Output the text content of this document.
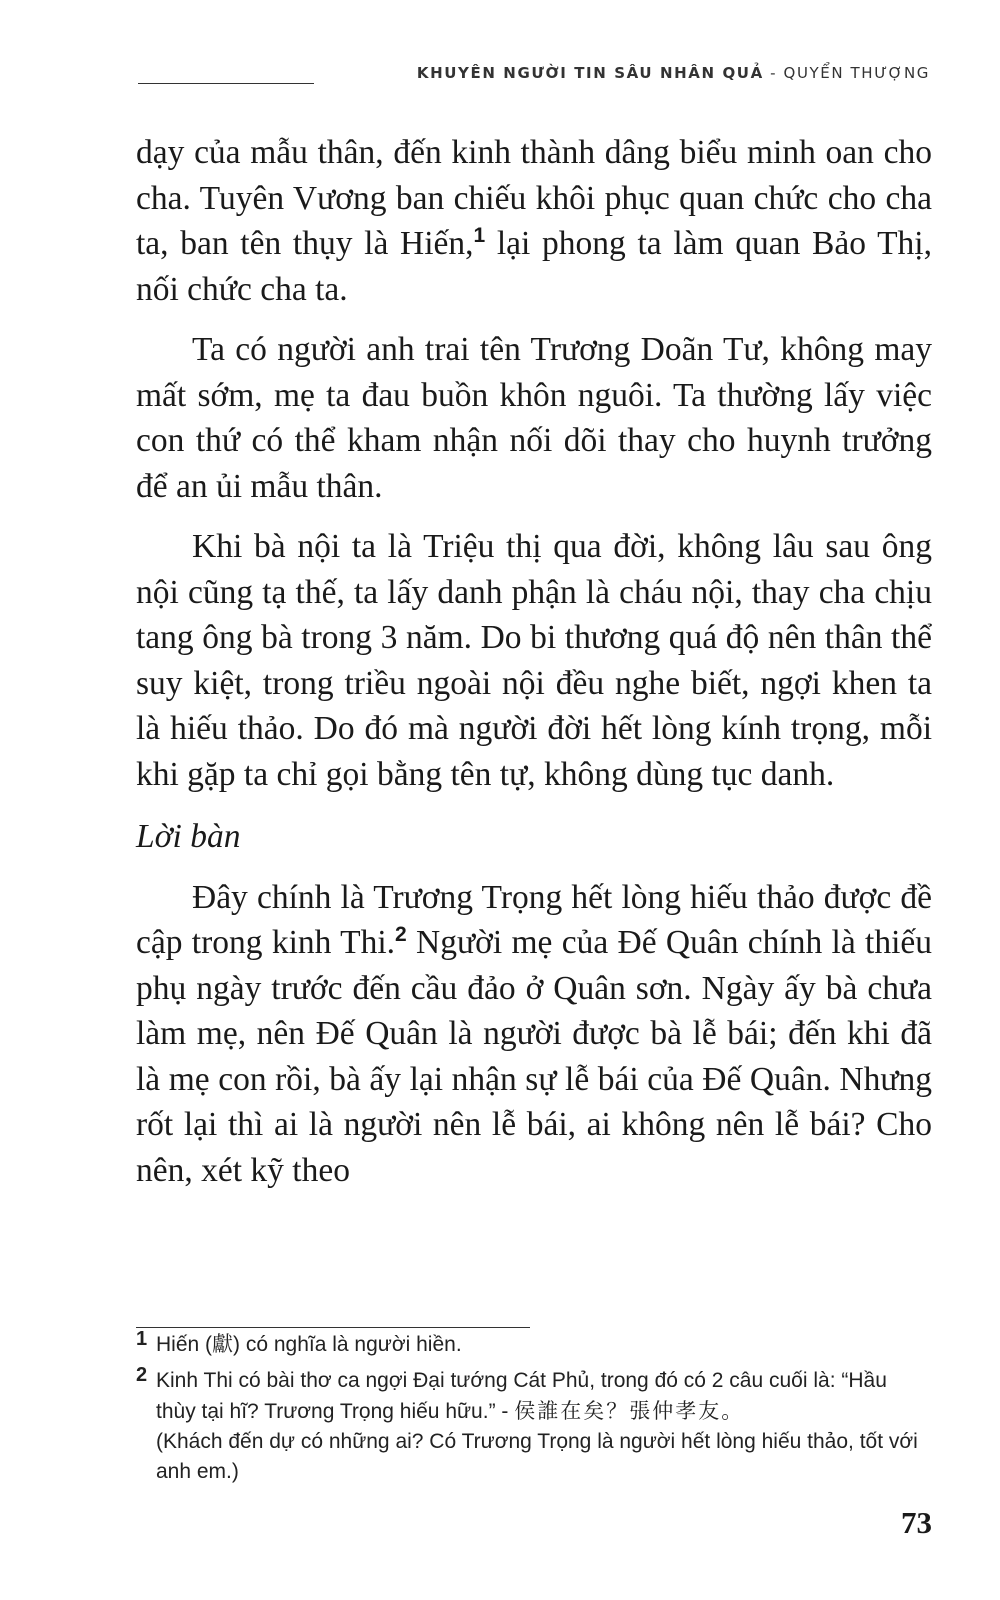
KHUYÊN NGƯỜI TIN SÂU NHÂN QUẢ - QUYỂN THƯỢNG

dạy của mẫu thân, đến kinh thành dâng biểu minh oan cho cha. Tuyên Vương ban chiếu khôi phục quan chức cho cha ta, ban tên thụy là Hiến,$^1$ lại phong ta làm quan Bảo Thị, nối chức cha ta.

Ta có người anh trai tên Trương Doãn Tư, không may mất sớm, mẹ ta đau buồn khôn nguôi. Ta thường lấy việc con thứ có thể kham nhận nối dõi thay cho huynh trưởng để an ủi mẫu thân.

Khi bà nội ta là Triệu thị qua đời, không lâu sau ông nội cũng tạ thế, ta lấy danh phận là cháu nội, thay cha chịu tang ông bà trong 3 năm. Do bi thương quá độ nên thân thể suy kiệt, trong triều ngoài nội đều nghe biết, ngợi khen ta là hiếu thảo. Do đó mà người đời hết lòng kính trọng, mỗi khi gặp ta chỉ gọi bằng tên tự, không dùng tục danh.

Lời bàn

Đây chính là Trương Trọng hết lòng hiếu thảo được đề cập trong kinh Thi.$^2$ Người mẹ của Đế Quân chính là thiếu phụ ngày trước đến cầu đảo ở Quân sơn. Ngày ấy bà chưa làm mẹ, nên Đế Quân là người được bà lễ bái; đến khi đã là mẹ con rồi, bà ấy lại nhận sự lễ bái của Đế Quân. Nhưng rốt lại thì ai là người nên lễ bái, ai không nên lễ bái? Cho nên, xét kỹ theo

1 Hiến (獻) có nghĩa là người hiền.
2 Kinh Thi có bài thơ ca ngợi Đại tướng Cát Phủ, trong đó có 2 câu cuối là: “Hầu thùy tại hĩ? Trương Trọng hiếu hữu.” - 侯誰在矣？張仲孝友。
(Khách đến dự có những ai? Có Trương Trọng là người hết lòng hiếu thảo, tốt với anh em.)
73
